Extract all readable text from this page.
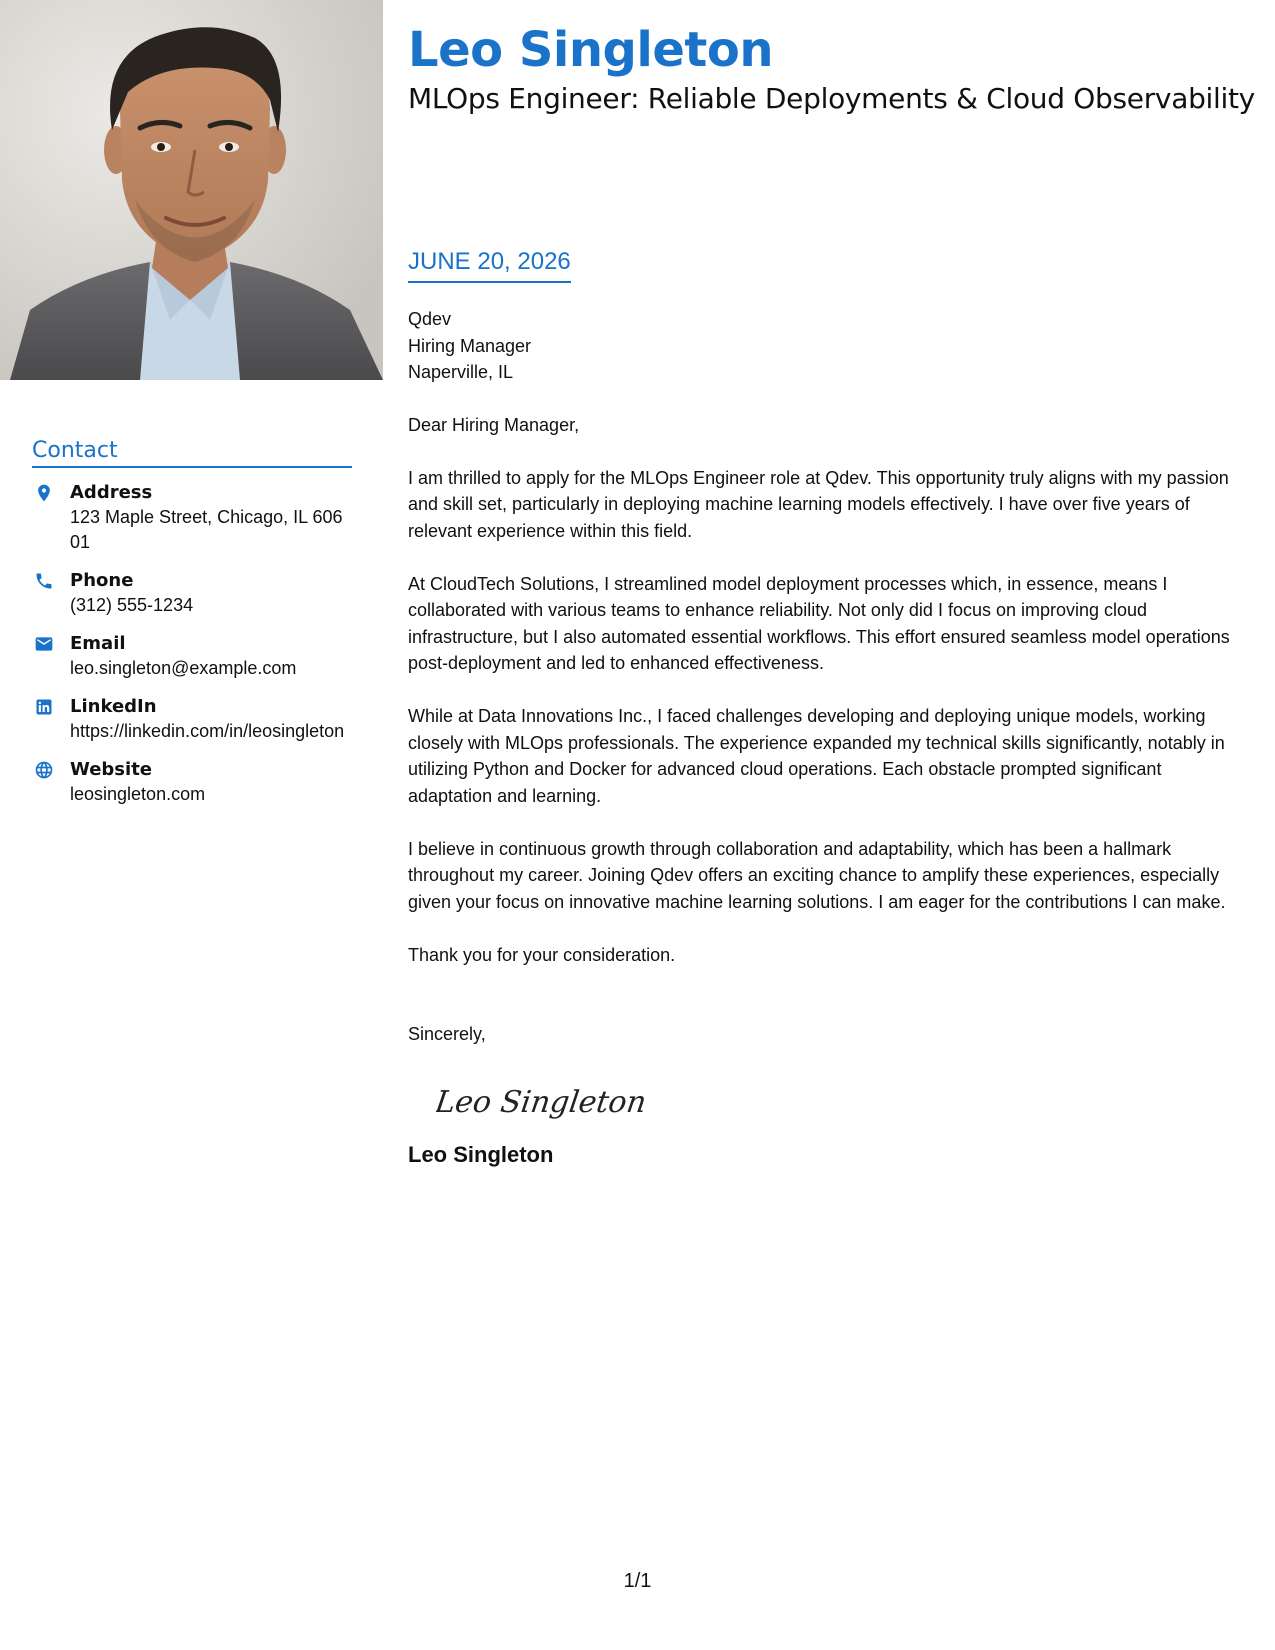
Contact
Address
123 Maple Street, Chicago, IL 60601
Phone
(312) 555-1234
Email
leo.singleton@example.com
LinkedIn
https://linkedin.com/in/leosingleton
Website
leosingleton.com
Leo Singleton
MLOps Engineer: Reliable Deployments & Cloud Observability
JUNE 20, 2026
Qdev
Hiring Manager
Naperville, IL

Dear Hiring Manager,

I am thrilled to apply for the MLOps Engineer role at Qdev. This opportunity truly aligns with my passion and skill set, particularly in deploying machine learning models effectively. I have over five years of relevant experience within this field.

At CloudTech Solutions, I streamlined model deployment processes which, in essence, means I collaborated with various teams to enhance reliability. Not only did I focus on improving cloud infrastructure, but I also automated essential workflows. This effort ensured seamless model operations post-deployment and led to enhanced effectiveness.

While at Data Innovations Inc., I faced challenges developing and deploying unique models, working closely with MLOps professionals. The experience expanded my technical skills significantly, notably in utilizing Python and Docker for advanced cloud operations. Each obstacle prompted significant adaptation and learning.

I believe in continuous growth through collaboration and adaptability, which has been a hallmark throughout my career. Joining Qdev offers an exciting chance to amplify these experiences, especially given your focus on innovative machine learning solutions. I am eager for the contributions I can make.

Thank you for your consideration.

Sincerely,

Leo Singleton
Leo Singleton
1/1
